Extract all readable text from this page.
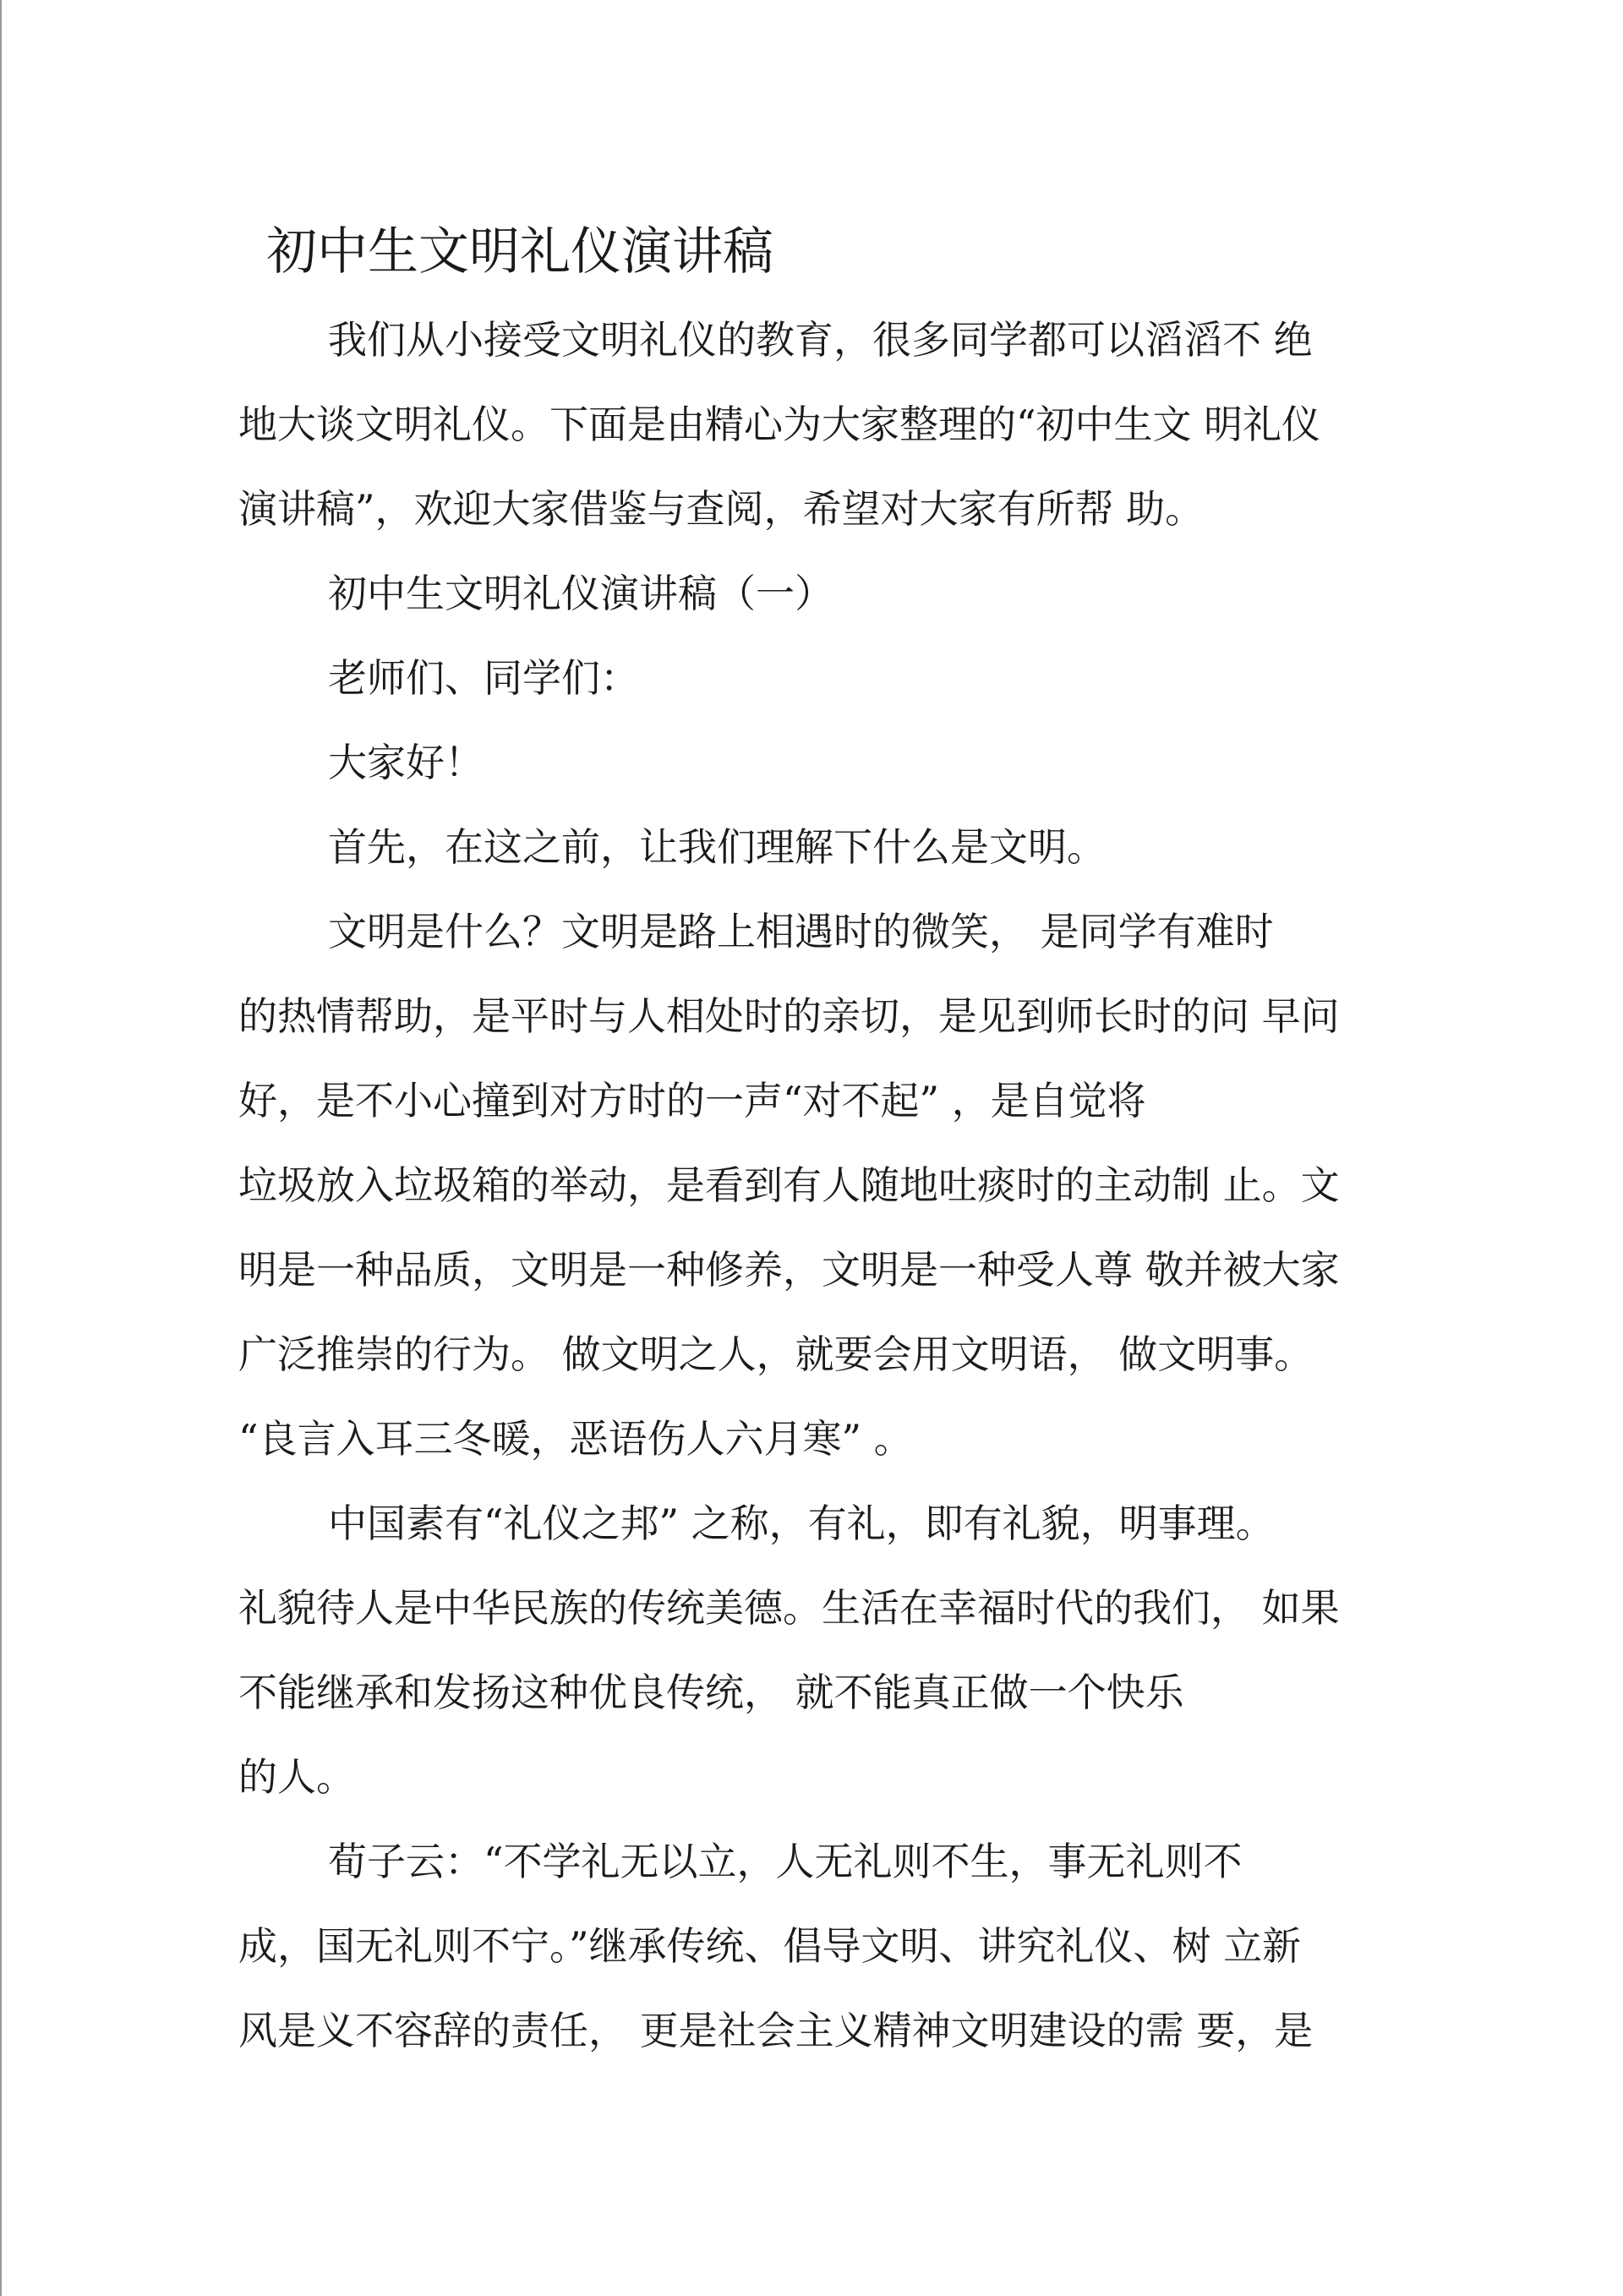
初中生文明礼仪演讲稿

我们从小接受文明礼仪的教育，很多同学都可以滔滔不 绝

地大谈文明礼仪。下面是由精心为大家整理的“初中生文 明礼仪

演讲稿”，欢迎大家借鉴与查阅，希望对大家有所帮 助。

初中生文明礼仪演讲稿（一）

老师们、同学们：

大家好！

首先，在这之前，让我们理解下什么是文明。

文明是什么？文明是路上相遇时的微笑， 是同学有难时

的热情帮助，是平时与人相处时的亲切，是见到师长时的问 早问

好，是不小心撞到对方时的一声“对不起” ，是自觉将

垃圾放入垃圾箱的举动，是看到有人随地吐痰时的主动制 止。文

明是一种品质，文明是一种修养，文明是一种受人尊 敬并被大家

广泛推崇的行为。 做文明之人，就要会用文明语， 做文明事。

“良言入耳三冬暖，恶语伤人六月寒” 。

中国素有“礼仪之邦” 之称，有礼，即有礼貌，明事理。

礼貌待人是中华民族的传统美德。生活在幸福时代的我们， 如果

不能继承和发扬这种优良传统， 就不能真正做一个快乐

的人。

荀子云：“不学礼无以立，人无礼则不生，事无礼则不

成，国无礼则不宁。”继承传统、倡导文明、讲究礼仪、树 立新

风是义不容辞的责任， 更是社会主义精神文明建设的需 要，是
